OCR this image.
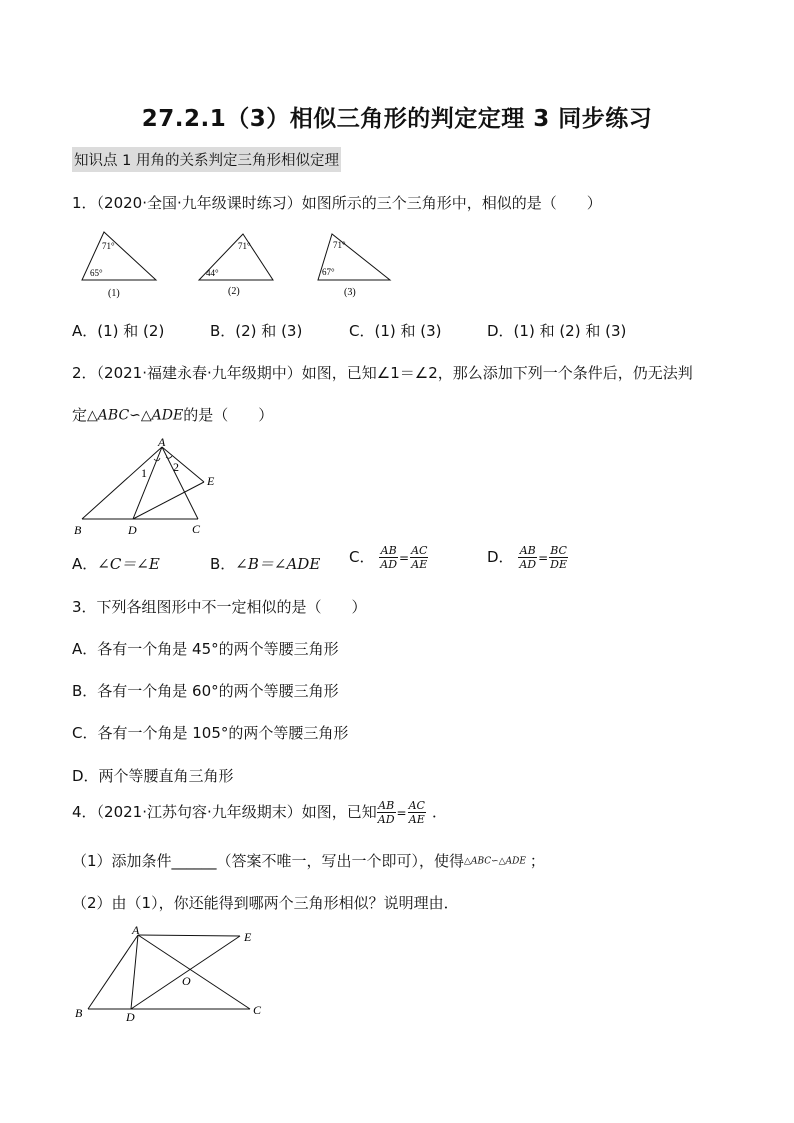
27.2.1（3）相似三角形的判定定理 3 同步练习
知识点 1 用角的关系判定三角形相似定理
1．（2020·全国·九年级课时练习）如图所示的三个三角形中，相似的是（　　）
71°
65°
(1)
71°
44°
(2)
71°
67°
(3)
A．(1) 和 (2)	B．(2) 和 (3)	C．(1) 和 (3)	D．(1) 和 (2) 和 (3)
2．（2021·福建永春·九年级期中）如图，已知∠1＝∠2，那么添加下列一个条件后，仍无法判
定△ABC∽△ADE的是（　　）
A
B	D	C
E
1 2
A．∠C＝∠E	B．∠B＝∠ADE C． $\frac{AB}{AD} = \frac{AC}{AE}$	D． $\frac{AB}{AD} = \frac{BC}{DE}$
3．下列各组图形中不一定相似的是（　　）
A．各有一个角是 45°的两个等腰三角形
B．各有一个角是 60°的两个等腰三角形
C．各有一个角是 105°的两个等腰三角形
D．两个等腰直角三角形
4．（2021·江苏句容·九年级期末）如图，已知 $\frac{AB}{AD} = \frac{AC}{AE}$ ．
（1）添加条件______（答案不唯一，写出一个即可），使得△ABC∽△ADE ；
（2）由（1），你还能得到哪两个三角形相似？说明理由．
A	E
B	D	C
O
